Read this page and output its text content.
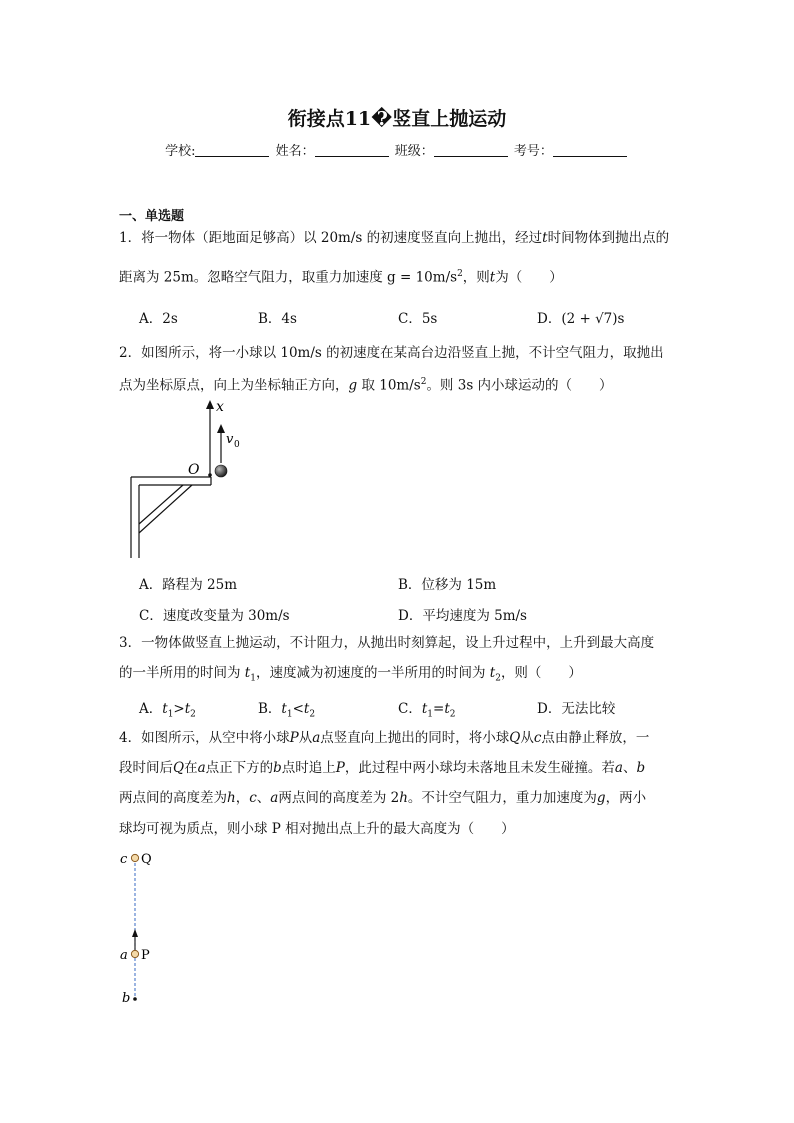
衔接点11�竖直上抛运动
学校:	姓名：	班级：	考号：
一、单选题
1．将一物体（距地面足够高）以 20m/s 的初速度竖直向上抛出，经过t时间物体到抛出点的
距离为 25m。忽略空气阻力，取重力加速度 $g = 10m/s^2$，则t为（　　）
A．2s	B．4s	C．5s	D．(2 + √7)s
2．如图所示，将一小球以 10m/s 的初速度在某高台边沿竖直上抛，不计空气阻力，取抛出
点为坐标原点，向上为坐标轴正方向，g 取 $10m/s^2$。则 3s 内小球运动的（　　）
x
v 0
O
A．路程为 25m	B．位移为 15m
C．速度改变量为 30m/s	D．平均速度为 5m/s
3．一物体做竖直上抛运动，不计阻力，从抛出时刻算起，设上升过程中，上升到最大高度
的一半所用的时间为 $t_1$，速度减为初速度的一半所用的时间为 $t_2$，则（　　）
A．$t_1>t_2$	B．$t_1<t_2$	C．$t_1=t_2$	D．无法比较
4．如图所示，从空中将小球P从a点竖直向上抛出的同时，将小球Q从c点由静止释放，一
段时间后Q在a点正下方的b点时追上P，此过程中两小球均未落地且未发生碰撞。若a、b
两点间的高度差为h，c、a两点间的高度差为 2h。不计空气阻力，重力加速度为g，两小
球均可视为质点，则小球 P 相对抛出点上升的最大高度为（　　）
c Q
a P
b
